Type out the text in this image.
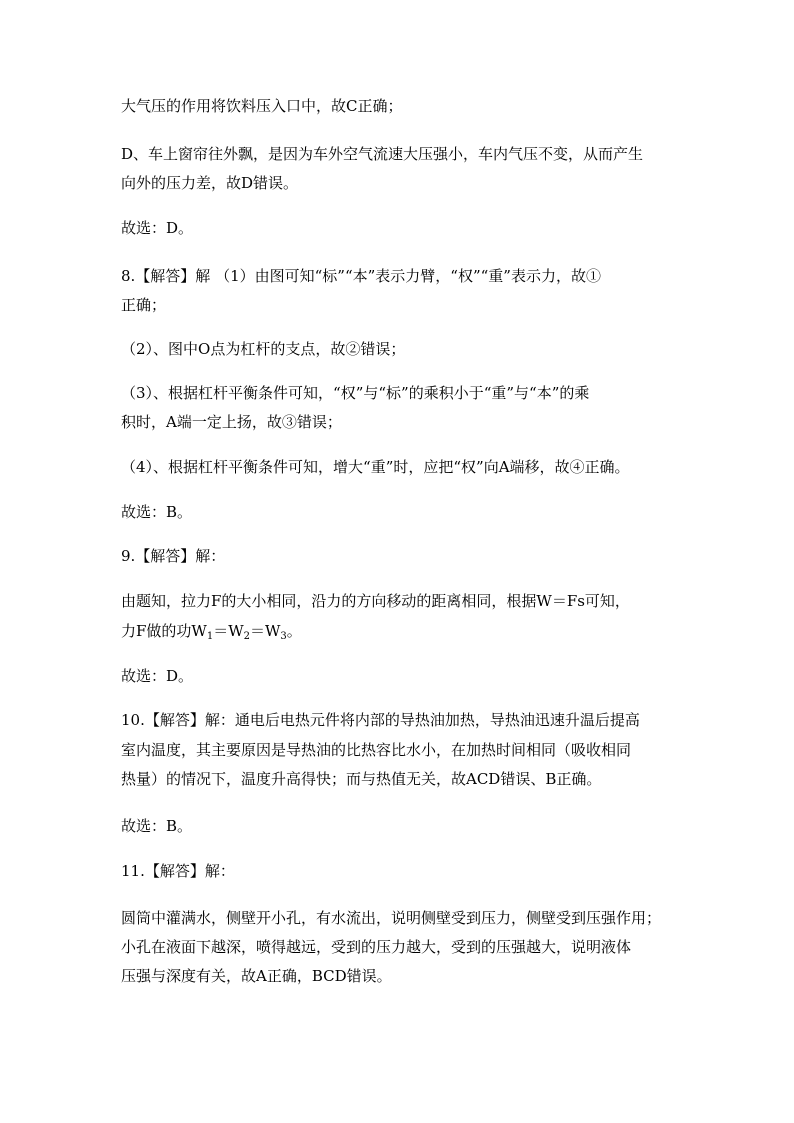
大气压的作用将饮料压入口中，故C正确；
D、车上窗帘往外飘，是因为车外空气流速大压强小，车内气压不变，从而产生
向外的压力差，故D错误。
故选：D。
8.【解答】解 （1）由图可知“标”“本”表示力臂，“权”“重”表示力，故①
正确；
（2）、图中O点为杠杆的支点，故②错误；
（3）、根据杠杆平衡条件可知，“权”与“标”的乘积小于“重”与“本”的乘
积时，A端一定上扬，故③错误；
（4）、根据杠杆平衡条件可知，增大“重”时，应把“权”向A端移，故④正确。
故选：B。
9.【解答】解：
由题知，拉力F的大小相同，沿力的方向移动的距离相同，根据W＝Fs可知，
力F做的功$W_1=W_2=W_3$。
故选：D。
10.【解答】解：通电后电热元件将内部的导热油加热，导热油迅速升温后提高
室内温度，其主要原因是导热油的比热容比水小，在加热时间相同（吸收相同
热量）的情况下，温度升高得快；而与热值无关，故ACD错误、B正确。
故选：B。
11.【解答】解：
圆筒中灌满水，侧壁开小孔，有水流出，说明侧壁受到压力，侧壁受到压强作用；
小孔在液面下越深，喷得越远，受到的压力越大，受到的压强越大，说明液体
压强与深度有关，故A正确，BCD错误。
